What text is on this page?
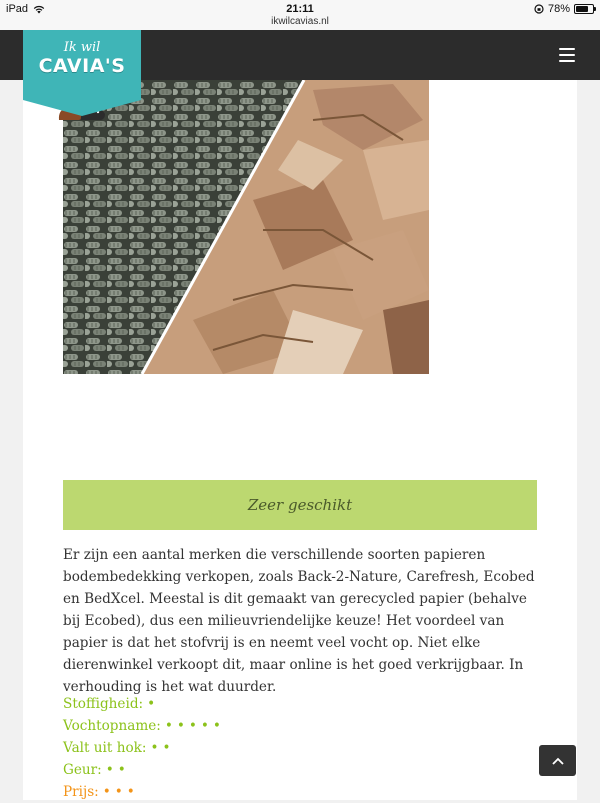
iPad	21:11
ikwilcavias.nl
78%
Ik wil
CAVIA'S
Zeer geschikt

Er zijn een aantal merken die verschillende soorten papieren bodembedekking verkopen, zoals Back-2-Nature, Carefresh, Ecobed en BedXcel. Meestal is dit gemaakt van gerecycled papier (behalve bij Ecobed), dus een milieuvriendelijke keuze! Het voordeel van papier is dat het stofvrij is en neemt veel vocht op. Niet elke dierenwinkel verkoopt dit, maar online is het goed verkrijgbaar. In verhouding is het wat duurder.

Stoffigheid: •
Vochtopname: •••••
Valt uit hok: ••
Geur: ••
Prijs: •••
